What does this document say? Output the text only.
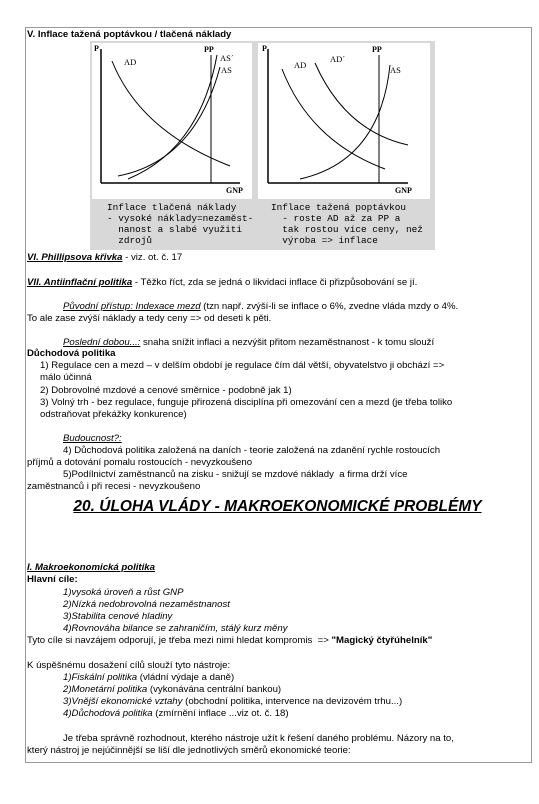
V. Inflace tažená poptávkou / tlačená náklady
P
GNP
PP
AD
AS
AS´
P
GNP
PP
AD
AD´
AS
Inflace tlačená náklady
- vysoké náklady=nezaměst-
nanost a slabé využiti
zdrojů
Inflace tažená poptávkou
- roste AD až za PP a
tak rostou více ceny, než
výroba => inflace
VI. Phillipsova křivka - viz. ot. č. 17
VII. Antiinflační politika - Těžko říct, zda se jedná o likvidaci inflace či přizpůsobování se jí.
Původní přístup: Indexace mezd (tzn např. zvýší-li se inflace o 6%, zvedne vláda mzdy o 4%.
To ale zase zvýší náklady a tedy ceny => od deseti k pěti.
Poslední dobou...: snaha snížit inflaci a nezvýšit přitom nezaměstnanost - k tomu slouží
Důchodová politika
1) Regulace cen a mezd – v delším období je regulace čím dál větší, obyvatelstvo ji obchází =>
málo účinná
2) Dobrovolné mzdové a cenové směrnice - podobně jak 1)
3) Volný trh - bez regulace, funguje přirozená disciplína při omezování cen a mezd (je třeba toliko
odstraňovat překážky konkurence)
Budoucnost?:
4) Důchodová politika založená na daních - teorie založená na zdanění rychle rostoucích
příjmů a dotování pomalu rostoucích - nevyzkoušeno
5)Podílnictví zaměstnanců na zisku - snižují se mzdové náklady  a firma drží více
zaměstnanců i při recesi - nevyzkoušeno
20. ÚLOHA VLÁDY - MAKROEKONOMICKÉ PROBLÉMY
I. Makroekonomická politika
Hlavní cíle:
1)vysoká úroveň a růst GNP
2)Nízká nedobrovolná nezaměstnanost
3)Stabilita cenové hladiny
4)Rovnováha bilance se zahraničím, stálý kurz měny
Tyto cíle si navzájem odporují, je třeba mezi nimi hledat kompromis  => "Magický čtyřúhelník"
K úspěšnému dosažení cílů slouží tyto nástroje:
1)Fiskální politika (vládní výdaje a daně)
2)Monetární politika (vykonávána centrální bankou)
3)Vnější ekonomické vztahy (obchodní politika, intervence na devizovém trhu...)
4)Důchodová politika (zmírnění inflace ...viz ot. č. 18)
Je třeba správně rozhodnout, kterého nástroje užít k řešení daného problému. Názory na to,
který nástroj je nejúčinnější se liší dle jednotlivých směrů ekonomické teorie:
